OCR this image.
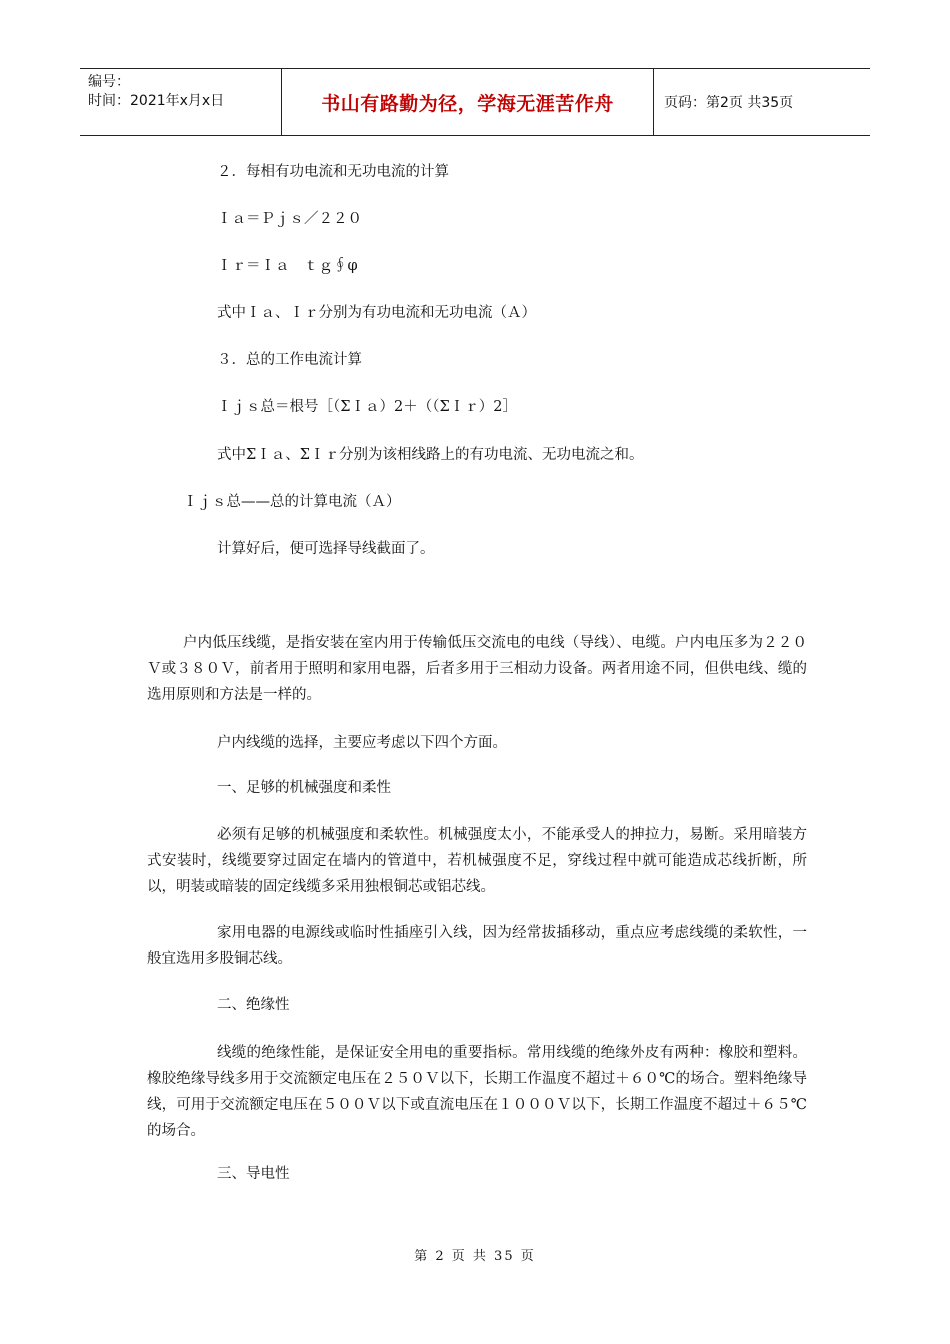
编号：
时间：2021年x月x日	书山有路勤为径，学海无涯苦作舟	页码：第2页 共35页
２．每相有功电流和无功电流的计算
Ｉａ＝Ｐｊｓ／２２０
Ｉｒ＝Ｉａ　ｔｇ∮φ
式中Ｉａ、Ｉｒ分别为有功电流和无功电流（Ａ）
３．总的工作电流计算
Ｉｊｓ总＝根号［（ΣＩａ）2＋（（ΣＩｒ）2］
式中ΣＩａ、ΣＩｒ分别为该相线路上的有功电流、无功电流之和。
Ｉｊｓ总——总的计算电流（Ａ）
计算好后，便可选择导线截面了。
户内低压线缆，是指安装在室内用于传输低压交流电的电线（导线）、电缆。户内电压多为２２０Ｖ或３８０Ｖ，前者用于照明和家用电器，后者多用于三相动力设备。两者用途不同，但供电线、缆的选用原则和方法是一样的。
户内线缆的选择，主要应考虑以下四个方面。
一、足够的机械强度和柔性
必须有足够的机械强度和柔软性。机械强度太小，不能承受人的抻拉力，易断。采用暗装方式安装时，线缆要穿过固定在墙内的管道中，若机械强度不足，穿线过程中就可能造成芯线折断，所以，明装或暗装的固定线缆多采用独根铜芯或铝芯线。
家用电器的电源线或临时性插座引入线，因为经常拔插移动，重点应考虑线缆的柔软性，一般宜选用多股铜芯线。
二、绝缘性
线缆的绝缘性能，是保证安全用电的重要指标。常用线缆的绝缘外皮有两种：橡胶和塑料。橡胶绝缘导线多用于交流额定电压在２５０Ｖ以下，长期工作温度不超过＋６０℃的场合。塑料绝缘导线，可用于交流额定电压在５００Ｖ以下或直流电压在１０００Ｖ以下，长期工作温度不超过＋６５℃的场合。
三、导电性
第 2 页 共 35 页
